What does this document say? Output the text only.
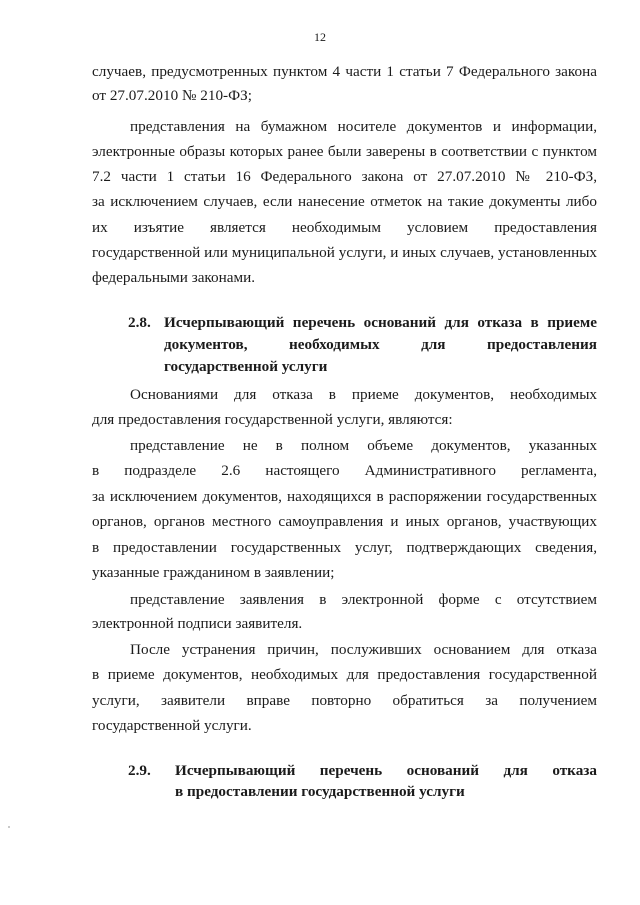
12
случаев, предусмотренных пунктом 4 части 1 статьи 7 Федерального закона
от 27.07.2010 № 210-ФЗ;
представления на бумажном носителе документов и информации,
электронные образы которых ранее были заверены в соответствии с пунктом
7.2 части 1 статьи 16 Федерального закона от 27.07.2010 № 210-ФЗ,
за исключением случаев, если нанесение отметок на такие документы либо
их изъятие является необходимым условием предоставления
государственной или муниципальной услуги, и иных случаев, установленных
федеральными законами.
2.8. Исчерпывающий перечень оснований для отказа в приеме
документов, необходимых для предоставления
государственной услуги
Основаниями для отказа в приеме документов, необходимых
для предоставления государственной услуги, являются:
представление не в полном объеме документов, указанных
в подразделе 2.6 настоящего Административного регламента,
за исключением документов, находящихся в распоряжении государственных
органов, органов местного самоуправления и иных органов, участвующих
в предоставлении государственных услуг, подтверждающих сведения,
указанные гражданином в заявлении;
представление заявления в электронной форме с отсутствием
электронной подписи заявителя.
После устранения причин, послуживших основанием для отказа
в приеме документов, необходимых для предоставления государственной
услуги, заявители вправе повторно обратиться за получением
государственной услуги.
2.9. Исчерпывающий перечень оснований для отказа
в предоставлении государственной услуги
